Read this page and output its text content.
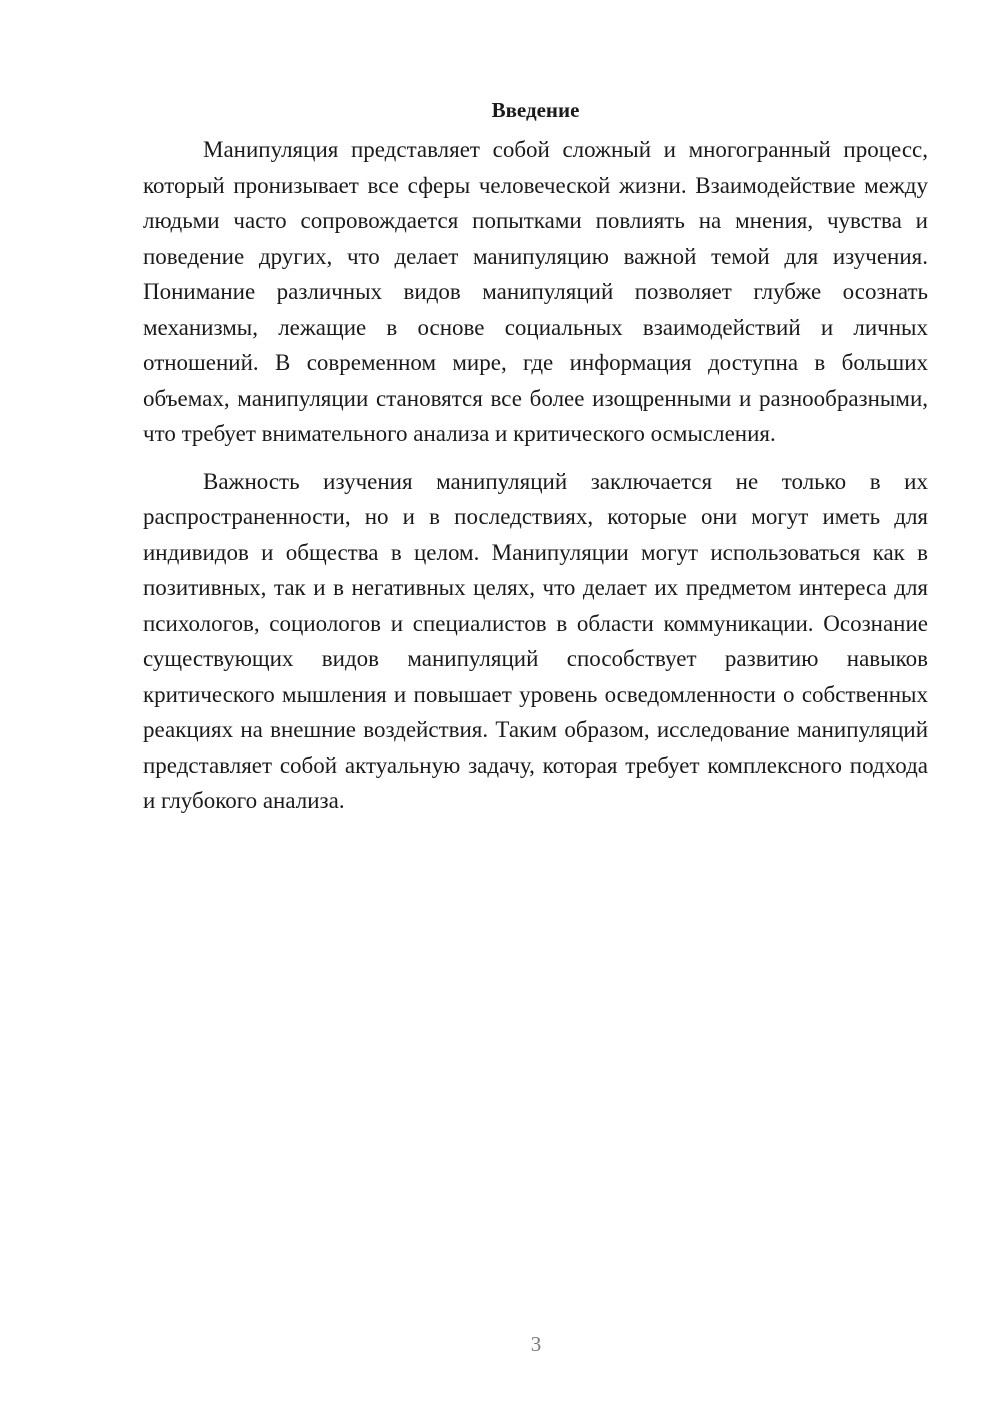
Введение

Манипуляция представляет собой сложный и многогранный процесс, который пронизывает все сферы человеческой жизни. Взаимодействие между людьми часто сопровождается попытками повлиять на мнения, чувства и поведение других, что делает манипуляцию важной темой для изучения. Понимание различных видов манипуляций позволяет глубже осознать механизмы, лежащие в основе социальных взаимодействий и личных отношений. В современном мире, где информация доступна в больших объемах, манипуляции становятся все более изощренными и разнообразными, что требует внимательного анализа и критического осмысления.

Важность изучения манипуляций заключается не только в их распространенности, но и в последствиях, которые они могут иметь для индивидов и общества в целом. Манипуляции могут использоваться как в позитивных, так и в негативных целях, что делает их предметом интереса для психологов, социологов и специалистов в области коммуникации. Осознание существующих видов манипуляций способствует развитию навыков критического мышления и повышает уровень осведомленности о собственных реакциях на внешние воздействия. Таким образом, исследование манипуляций представляет собой актуальную задачу, которая требует комплексного подхода и глубокого анализа.

3
